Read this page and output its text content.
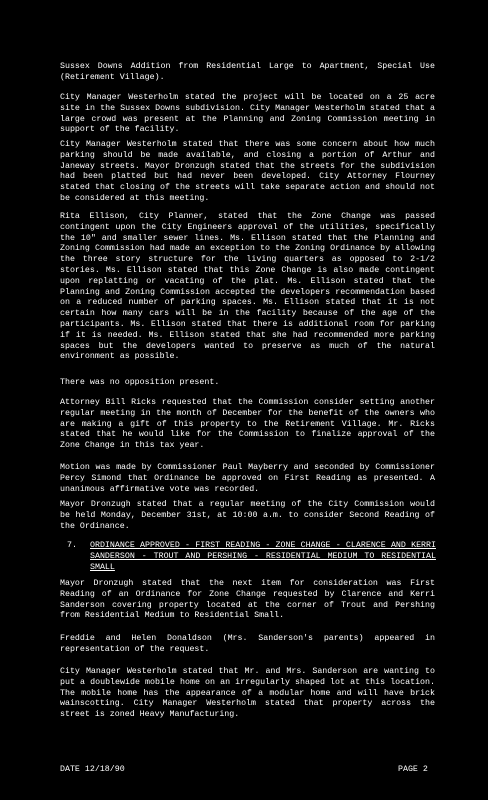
Sussex Downs Addition from Residential Large to Apartment, Special Use (Retirement Village).
City Manager Westerholm stated the project will be located on a 25 acre site in the Sussex Downs subdivision. City Manager Westerholm stated that a large crowd was present at the Planning and Zoning Commission meeting in support of the facility.
City Manager Westerholm stated that there was some concern about how much parking should be made available, and closing a portion of Arthur and Janeway streets. Mayor Dronzugh stated that the streets for the subdivision had been platted but had never been developed. City Attorney Flourney stated that closing of the streets will take separate action and should not be considered at this meeting.
Rita Ellison, City Planner, stated that the Zone Change was passed contingent upon the City Engineers approval of the utilities, specifically the 10" and smaller sewer lines. Ms. Ellison stated that the Planning and Zoning Commission had made an exception to the Zoning Ordinance by allowing the three story structure for the living quarters as opposed to 2-1/2 stories. Ms. Ellison stated that this Zone Change is also made contingent upon replatting or vacating of the plat. Ms. Ellison stated that the Planning and Zoning Commission accepted the developers recommendation based on a reduced number of parking spaces. Ms. Ellison stated that it is not certain how many cars will be in the facility because of the age of the participants. Ms. Ellison stated that there is additional room for parking if it is needed. Ms. Ellison stated that she had recommended more parking spaces but the developers wanted to preserve as much of the natural environment as possible.
There was no opposition present.
Attorney Bill Ricks requested that the Commission consider setting another regular meeting in the month of December for the benefit of the owners who are making a gift of this property to the Retirement Village. Mr. Ricks stated that he would like for the Commission to finalize approval of the Zone Change in this tax year.
Motion was made by Commissioner Paul Mayberry and seconded by Commissioner Percy Simond that Ordinance be approved on First Reading as presented. A unanimous affirmative vote was recorded.
Mayor Dronzugh stated that a regular meeting of the City Commission would be held Monday, December 31st, at 10:00 a.m. to consider Second Reading of the Ordinance.
7. ORDINANCE APPROVED - FIRST READING - ZONE CHANGE - CLARENCE AND KERRI SANDERSON - TROUT AND PERSHING - RESIDENTIAL MEDIUM TO RESIDENTIAL SMALL
Mayor Dronzugh stated that the next item for consideration was First Reading of an Ordinance for Zone Change requested by Clarence and Kerri Sanderson covering property located at the corner of Trout and Pershing from Residential Medium to Residential Small.
Freddie and Helen Donaldson (Mrs. Sanderson's parents) appeared in representation of the request.
City Manager Westerholm stated that Mr. and Mrs. Sanderson are wanting to put a doublewide mobile home on an irregularly shaped lot at this location. The mobile home has the appearance of a modular home and will have brick wainscotting. City Manager Westerholm stated that property across the street is zoned Heavy Manufacturing.
DATE 12/18/90	PAGE 2
